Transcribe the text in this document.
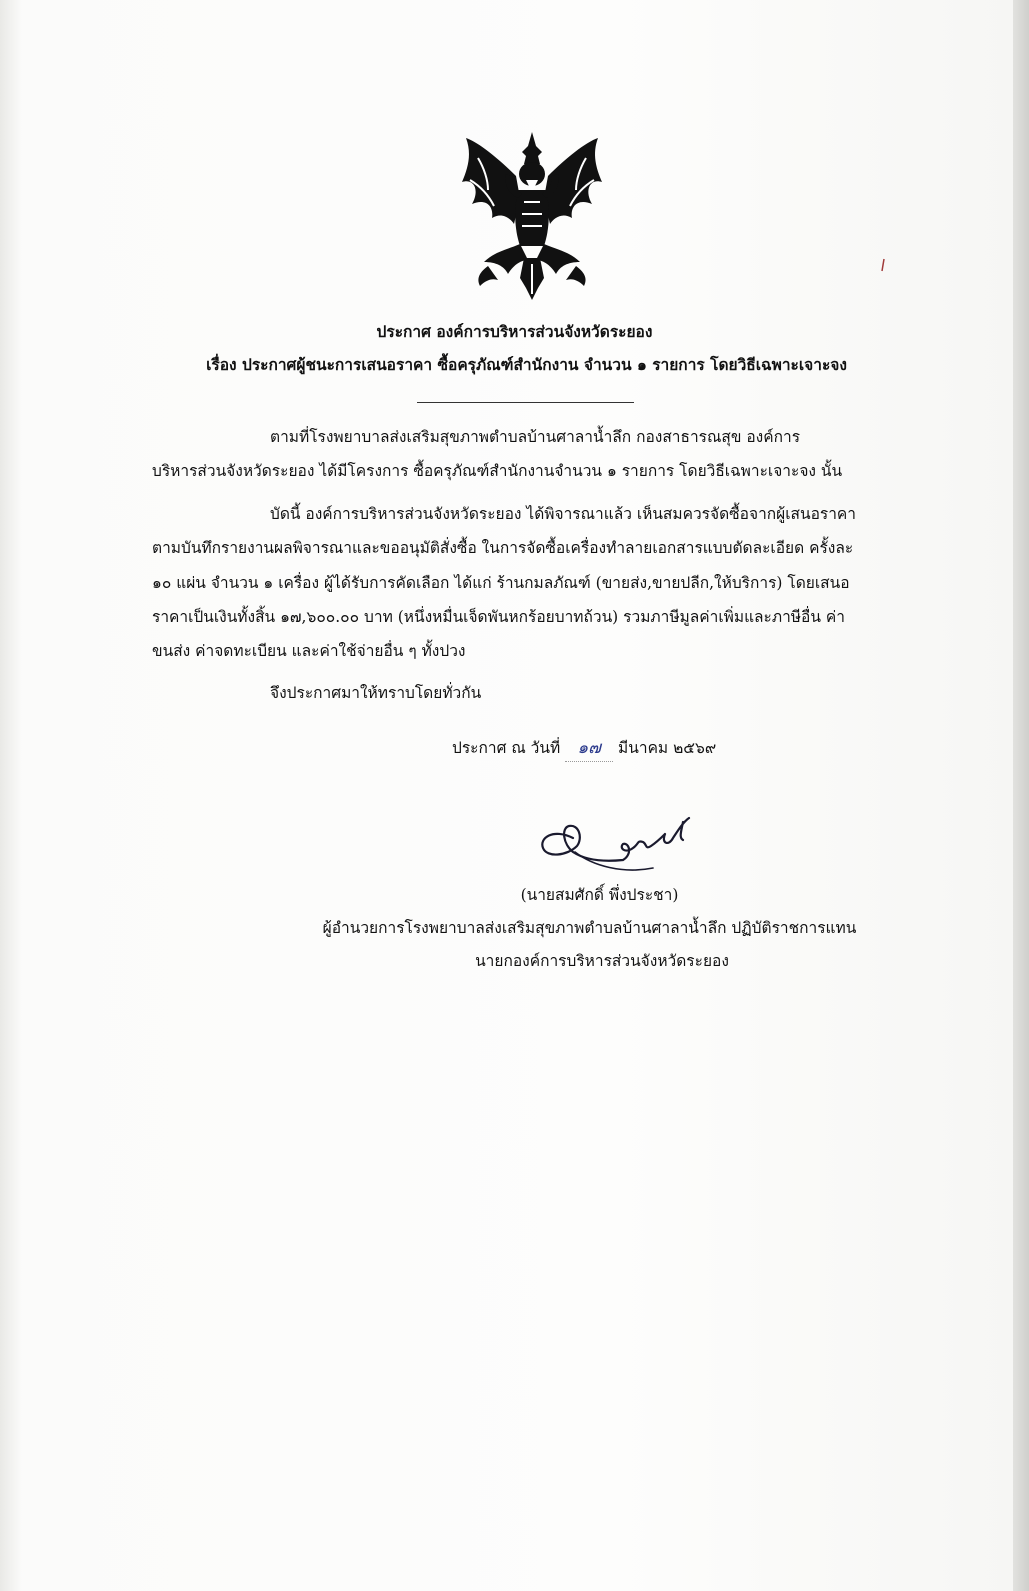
ประกาศ องค์การบริหารส่วนจังหวัดระยอง
เรื่อง ประกาศผู้ชนะการเสนอราคา ซื้อครุภัณฑ์สำนักงาน จำนวน ๑ รายการ โดยวิธีเฉพาะเจาะจง
ตามที่โรงพยาบาลส่งเสริมสุขภาพตำบลบ้านศาลาน้ำลึก กองสาธารณสุข องค์การ
บริหารส่วนจังหวัดระยอง ได้มีโครงการ ซื้อครุภัณฑ์สำนักงานจำนวน ๑ รายการ โดยวิธีเฉพาะเจาะจง นั้น
บัดนี้ องค์การบริหารส่วนจังหวัดระยอง ได้พิจารณาแล้ว เห็นสมควรจัดซื้อจากผู้เสนอราคา
ตามบันทึกรายงานผลพิจารณาและขออนุมัติสั่งซื้อ ในการจัดซื้อเครื่องทำลายเอกสารแบบตัดละเอียด ครั้งละ
๑๐ แผ่น จำนวน ๑ เครื่อง ผู้ได้รับการคัดเลือก ได้แก่ ร้านกมลภัณฑ์ (ขายส่ง,ขายปลีก,ให้บริการ) โดยเสนอ
ราคาเป็นเงินทั้งสิ้น ๑๗,๖๐๐.๐๐ บาท (หนึ่งหมื่นเจ็ดพันหกร้อยบาทถ้วน) รวมภาษีมูลค่าเพิ่มและภาษีอื่น ค่า
ขนส่ง ค่าจดทะเบียน และค่าใช้จ่ายอื่น ๆ ทั้งปวง
จึงประกาศมาให้ทราบโดยทั่วกัน
ประกาศ ณ วันที่ ๑๗ มีนาคม ๒๕๖๙
(นายสมศักดิ์ พึ่งประชา)
ผู้อำนวยการโรงพยาบาลส่งเสริมสุขภาพตำบลบ้านศาลาน้ำลึก ปฏิบัติราชการแทน
นายกองค์การบริหารส่วนจังหวัดระยอง
